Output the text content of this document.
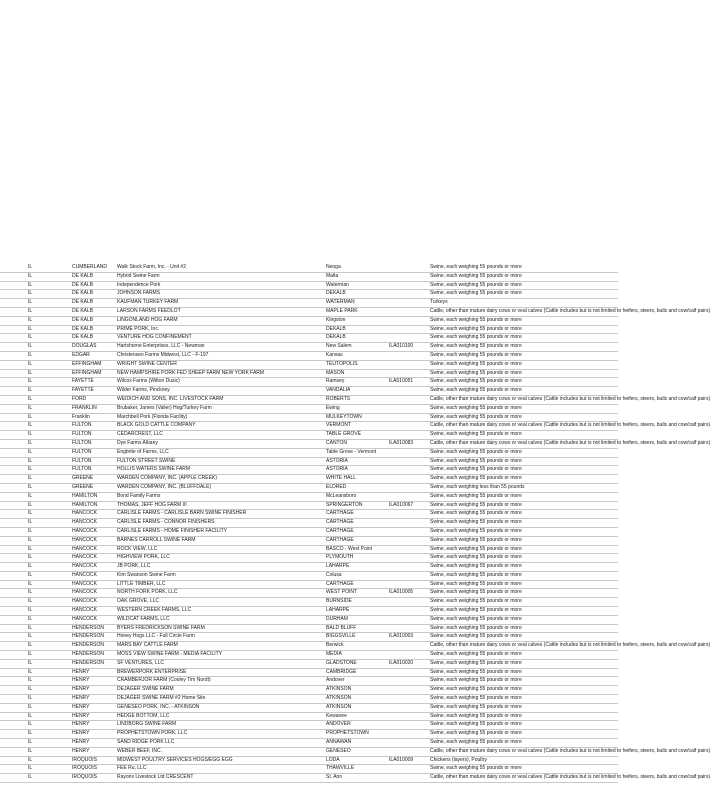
IL	CUMBERLAND	Walk Stock Farm, Inc. - Unit #2	Neoga	Swine, each weighing 55 pounds or more
IL	DE KALB	Hybrid Swine Farm	Malta	Swine, each weighing 55 pounds or more
IL	DE KALB	Independence Pork	Waterman	Swine, each weighing 55 pounds or more
IL	DE KALB	JOHNSON FARMS	DEKALB	Swine, each weighing 55 pounds or more
IL	DE KALB	KAUFMAN TURKEY FARM	WATERMAN	Turkeys
IL	DE KALB	LARSON FARMS FEEDLOT	MAPLE PARK	Cattle, other than mature dairy cows or veal calves (Cattle includes but is not limited to heifers, steers, bulls and cow/calf pairs)
IL	DE KALB	LINGONLAND HOG FARM	Kingston	Swine, each weighing 55 pounds or more
IL	DE KALB	PRIME PORK, Inc.	DEKALB	Swine, each weighing 55 pounds or more
IL	DE KALB	VENTURE HOG CONFINEMENT	DEKALB	Swine, each weighing 55 pounds or more
IL	DOUGLAS	Hartshorne Enterprises, LLC - Newman	New Salem	ILA010100	Swine, each weighing 55 pounds or more
IL	EDGAR	Christensen Farms Midwest, LLC - F-197	Kansas	Swine, each weighing 55 pounds or more
IL	EFFINGHAM	WRIGHT SWINE CENTER	TEUTOPOLIS	Swine, each weighing 55 pounds or more
IL	EFFINGHAM	NEW HAMPSHIRE PORK FED SHEEP FARM NEW YORK FARM	MASON	Swine, each weighing 55 pounds or more
IL	FAYETTE	Wilcox Farms (Wilton Dusic)	Ramsey	ILA010051	Swine, each weighing 55 pounds or more
IL	FAYETTE	Wilder Farms, Pinckney	VANDALIA	Swine, each weighing 55 pounds or more
IL	FORD	WEIDICH AND SONS, INC. LIVESTOCK FARM	ROBERTS	Cattle, other than mature dairy cows or veal calves (Cattle includes but is not limited to heifers, steers, bulls and cow/calf pairs)
IL	FRANKLIN	Brubaker, James (Valier) Hog/Turkey Farm	Ewing	Swine, each weighing 55 pounds or more
IL	Franklin	Marchbell Pork (Florida Facility)	MULKEYTOWN	Swine, each weighing 55 pounds or more
IL	FULTON	BLACK GOLD CATTLE COMPANY	VERMONT	Cattle, other than mature dairy cows or veal calves (Cattle includes but is not limited to heifers, steers, bulls and cow/calf pairs)
IL	FULTON	CEDARCREST, LLC	TABLE GROVE	Swine, each weighing 55 pounds or more
IL	FULTON	Dye Farms Albany	CANTON	ILA010083	Cattle, other than mature dairy cows or veal calves (Cattle includes but is not limited to heifers, steers, bulls and cow/calf pairs)
IL	FULTON	Engbrite of Farms, LLC	Table Grove - Vermont	Swine, each weighing 55 pounds or more
IL	FULTON	FULTON STREET SWINE	ASTORIA	Swine, each weighing 55 pounds or more
IL	FULTON	HOLLIS WATERS SWINE FARM	ASTORIA	Swine, each weighing 55 pounds or more
IL	GREENE	WARDEN COMPANY, INC. (APPLE CREEK)	WHITE HALL	Swine, each weighing 55 pounds or more
IL	GREENE	WARDEN COMPANY, INC. (BLUFFDALE)	ELDRED	Swine, each weighing less than 55 pounds
IL	HAMILTON	Bond Family Farms	McLeansboro	Swine, each weighing 55 pounds or more
IL	HAMILTON	THOMAS, JEFF HOG FARM III	SPRINGERTON	ILA010067	Swine, each weighing 55 pounds or more
IL	HANCOCK	CARLISLE FARMS - CARLISLE BARN SWINE FINISHER	CARTHAGE	Swine, each weighing 55 pounds or more
IL	HANCOCK	CARLISLE FARMS - CONNOR FINISHERS	CARTHAGE	Swine, each weighing 55 pounds or more
IL	HANCOCK	CARLISLE FARMS - HOME FINISHER FACILITY	CARTHAGE	Swine, each weighing 55 pounds or more
IL	HANCOCK	BARNES CARROLL SWINE FARM	CARTHAGE	Swine, each weighing 55 pounds or more
IL	HANCOCK	ROCK VIEW, LLC	BASCO - West Point	Swine, each weighing 55 pounds or more
IL	HANCOCK	HIGHVIEW PORK, LLC	PLYMOUTH	Swine, each weighing 55 pounds or more
IL	HANCOCK	JB PORK, LLC	LAHARPE	Swine, each weighing 55 pounds or more
IL	HANCOCK	Kim Swanson Swine Farm	Colusa	Swine, each weighing 55 pounds or more
IL	HANCOCK	LITTLE TIMBER, LLC	CARTHAGE	Swine, each weighing 55 pounds or more
IL	HANCOCK	NORTH FORK PORK, LLC	WEST POINT	ILA010005	Swine, each weighing 55 pounds or more
IL	HANCOCK	OAK GROVE, LLC	BURNSIDE	Swine, each weighing 55 pounds or more
IL	HANCOCK	WESTERN CREEK FARMS, LLC	LAHARPE	Swine, each weighing 55 pounds or more
IL	HANCOCK	WILDCAT FARMS, LLC	DURHAM	Swine, each weighing 55 pounds or more
IL	HENDERSON	BYERS FREDRICKSON SWINE FARM	BALD BLUFF	Swine, each weighing 55 pounds or more
IL	HENDERSON	Honey Hogs LLC - Full Circle Farm	BIGGSVILLE	ILA010003	Swine, each weighing 55 pounds or more
IL	HENDERSON	MARS BAY CATTLE FARM	Berwick	Cattle, other than mature dairy cows or veal calves (Cattle includes but is not limited to heifers, steers, bulls and cow/calf pairs)
IL	HENDERSON	MOSS VIEW SWINE FARM - MEDIA FACILITY	MEDIA	Swine, each weighing 55 pounds or more
IL	HENDERSON	SF VENTURES, LLC	GLADSTONE	ILA010020	Swine, each weighing 55 pounds or more
IL	HENRY	BREWERPORK ENTERPRISE	CAMBRIDGE	Swine, each weighing 55 pounds or more
IL	HENRY	CRAMBERJOR FARM (Cooley Tim Nordt)	Andover	Swine, each weighing 55 pounds or more
IL	HENRY	DEJAGER SWINE FARM	ATKINSON	Swine, each weighing 55 pounds or more
IL	HENRY	DEJAGER SWINE FARM #2 Home Site	ATKINSON	Swine, each weighing 55 pounds or more
IL	HENRY	GENESEO PORK, INC. - ATKINSON	ATKINSON	Swine, each weighing 55 pounds or more
IL	HENRY	HEDGE BOTTOM, LLC	Kewanee	Swine, each weighing 55 pounds or more
IL	HENRY	LINDBORG SWINE FARM	ANDOVER	Swine, each weighing 55 pounds or more
IL	HENRY	PROPHETSTOWN PORK, LLC	PROPHETSTOWN	Swine, each weighing 55 pounds or more
IL	HENRY	SAND RIDGE PORK LLC	ANNAWAN	Swine, each weighing 55 pounds or more
IL	HENRY	WEBER BEEF, INC.	GENESEO	Cattle, other than mature dairy cows or veal calves (Cattle includes but is not limited to heifers, steers, bulls and cow/calf pairs)
IL	IROQUOIS	MIDWEST POULTRY SERVICES HOGS/EGG EGG	LODA	ILA010009	Chickens (layers), Poultry
IL	IROQUOIS	FEE Ru, LLC	THAWVILLE	Swine, each weighing 55 pounds or more
IL	IROQUOIS	Rayons Livestock Ltd CRESCENT	St. Ann	Cattle, other than mature dairy cows or veal calves (Cattle includes but is not limited to heifers, steers, bulls and cow/calf pairs)
